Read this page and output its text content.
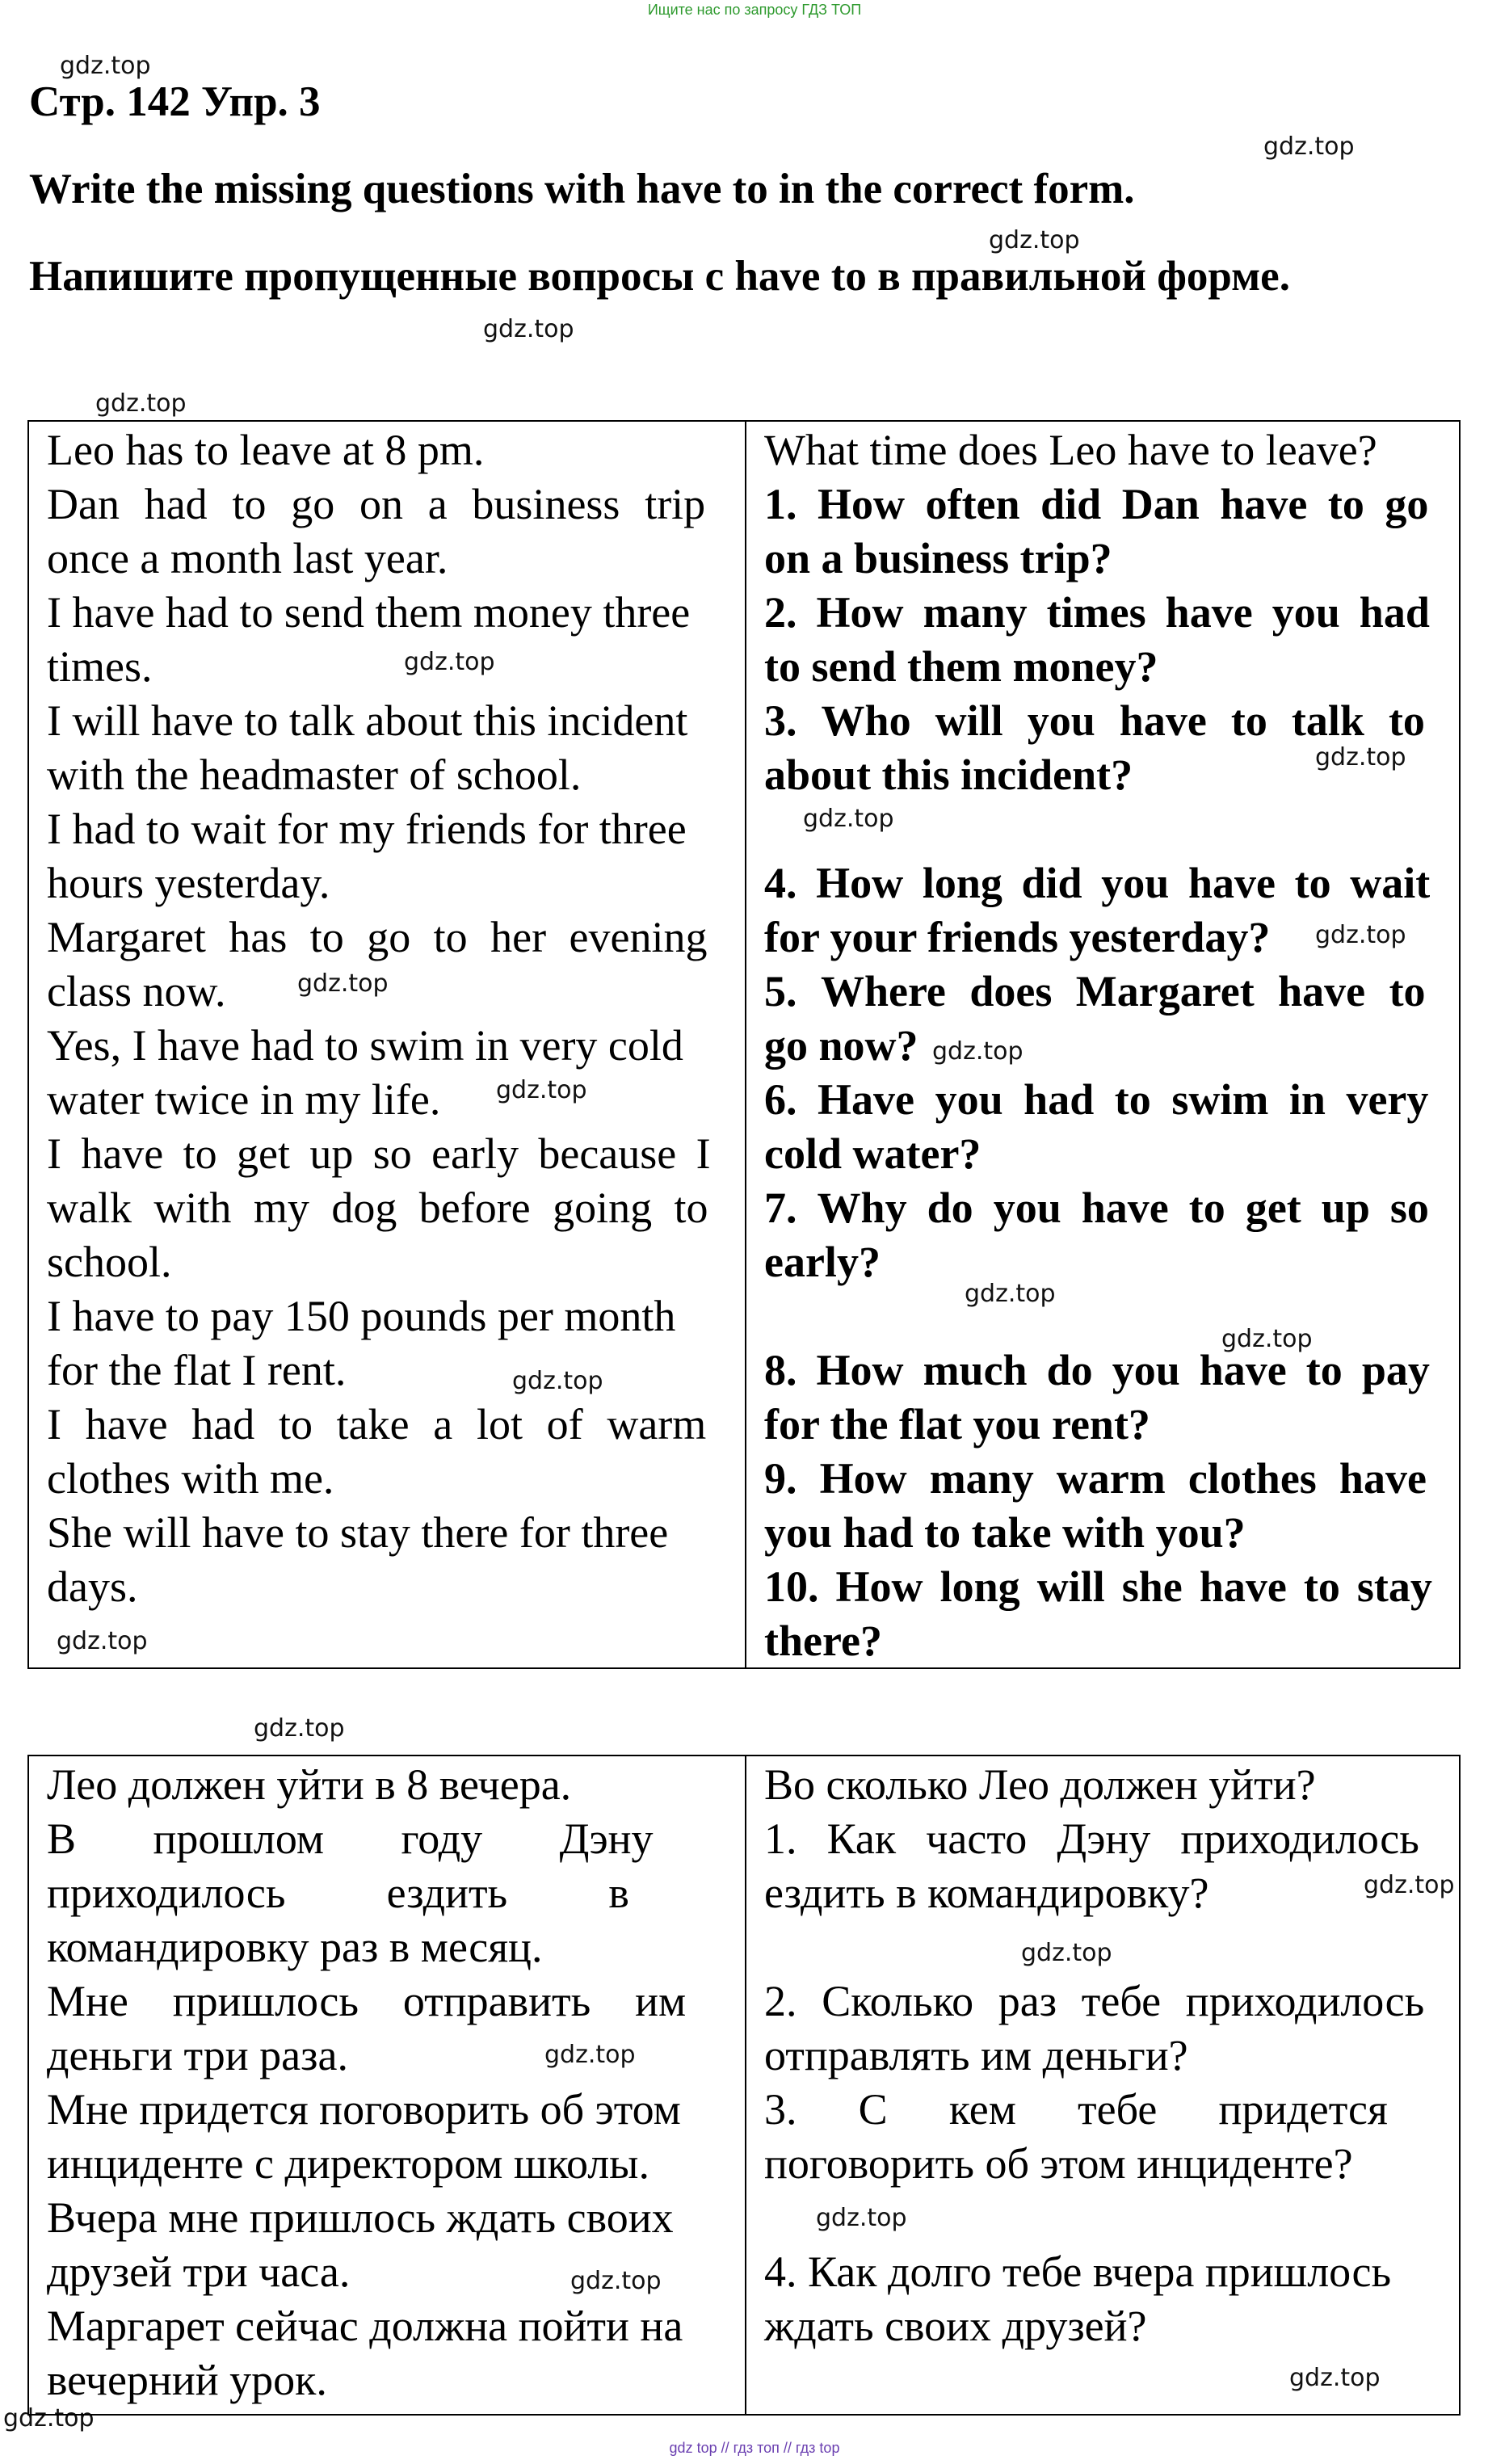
Ищите нас по запросу ГДЗ ТОП
gdz top // гдз топ // гдз top
gdz.top
gdz.top
gdz.top
gdz.top
gdz.top
gdz.top
gdz.top
gdz.top
gdz.top
gdz.top
gdz.top
gdz.top
gdz.top
gdz.top
gdz.top
gdz.top
gdz.top
gdz.top
gdz.top
gdz.top
gdz.top
gdz.top
gdz.top
gdz.top
Стр. 142 Упр. 3
Write the missing questions with have to in the correct form.
Напишите пропущенные вопросы с have to в правильной форме.
Leo has to leave at 8 pm.
Dan had to go on a business trip
once a month last year.
I have had to send them money three
times.
I will have to talk about this incident
with the headmaster of school.
I had to wait for my friends for three
hours yesterday.
Margaret has to go to her evening
class now.
Yes, I have had to swim in very cold
water twice in my life.
I have to get up so early because I
walk with my dog before going to
school.
I have to pay 150 pounds per month
for the flat I rent.
I have had to take a lot of warm
clothes with me.
She will have to stay there for three
days.
What time does Leo have to leave?
1. How often did Dan have to go
on a business trip?
2. How many times have you had
to send them money?
3. Who will you have to talk to
about this incident?
4. How long did you have to wait
for your friends yesterday?
5. Where does Margaret have to
go now?
6. Have you had to swim in very
cold water?
7. Why do you have to get up so
early?
8. How much do you have to pay
for the flat you rent?
9. How many warm clothes have
you had to take with you?
10. How long will she have to stay
there?
Лео должен уйти в 8 вечера.
В прошлом году Дэну
приходилось ездить в
командировку раз в месяц.
Мне пришлось отправить им
деньги три раза.
Мне придется поговорить об этом
инциденте с директором школы.
Вчера мне пришлось ждать своих
друзей три часа.
Маргарет сейчас должна пойти на
вечерний урок.
Во сколько Лео должен уйти?
1. Как часто Дэну приходилось
ездить в командировку?
2. Сколько раз тебе приходилось
отправлять им деньги?
3. С кем тебе придется
поговорить об этом инциденте?
4. Как долго тебе вчера пришлось
ждать своих друзей?
